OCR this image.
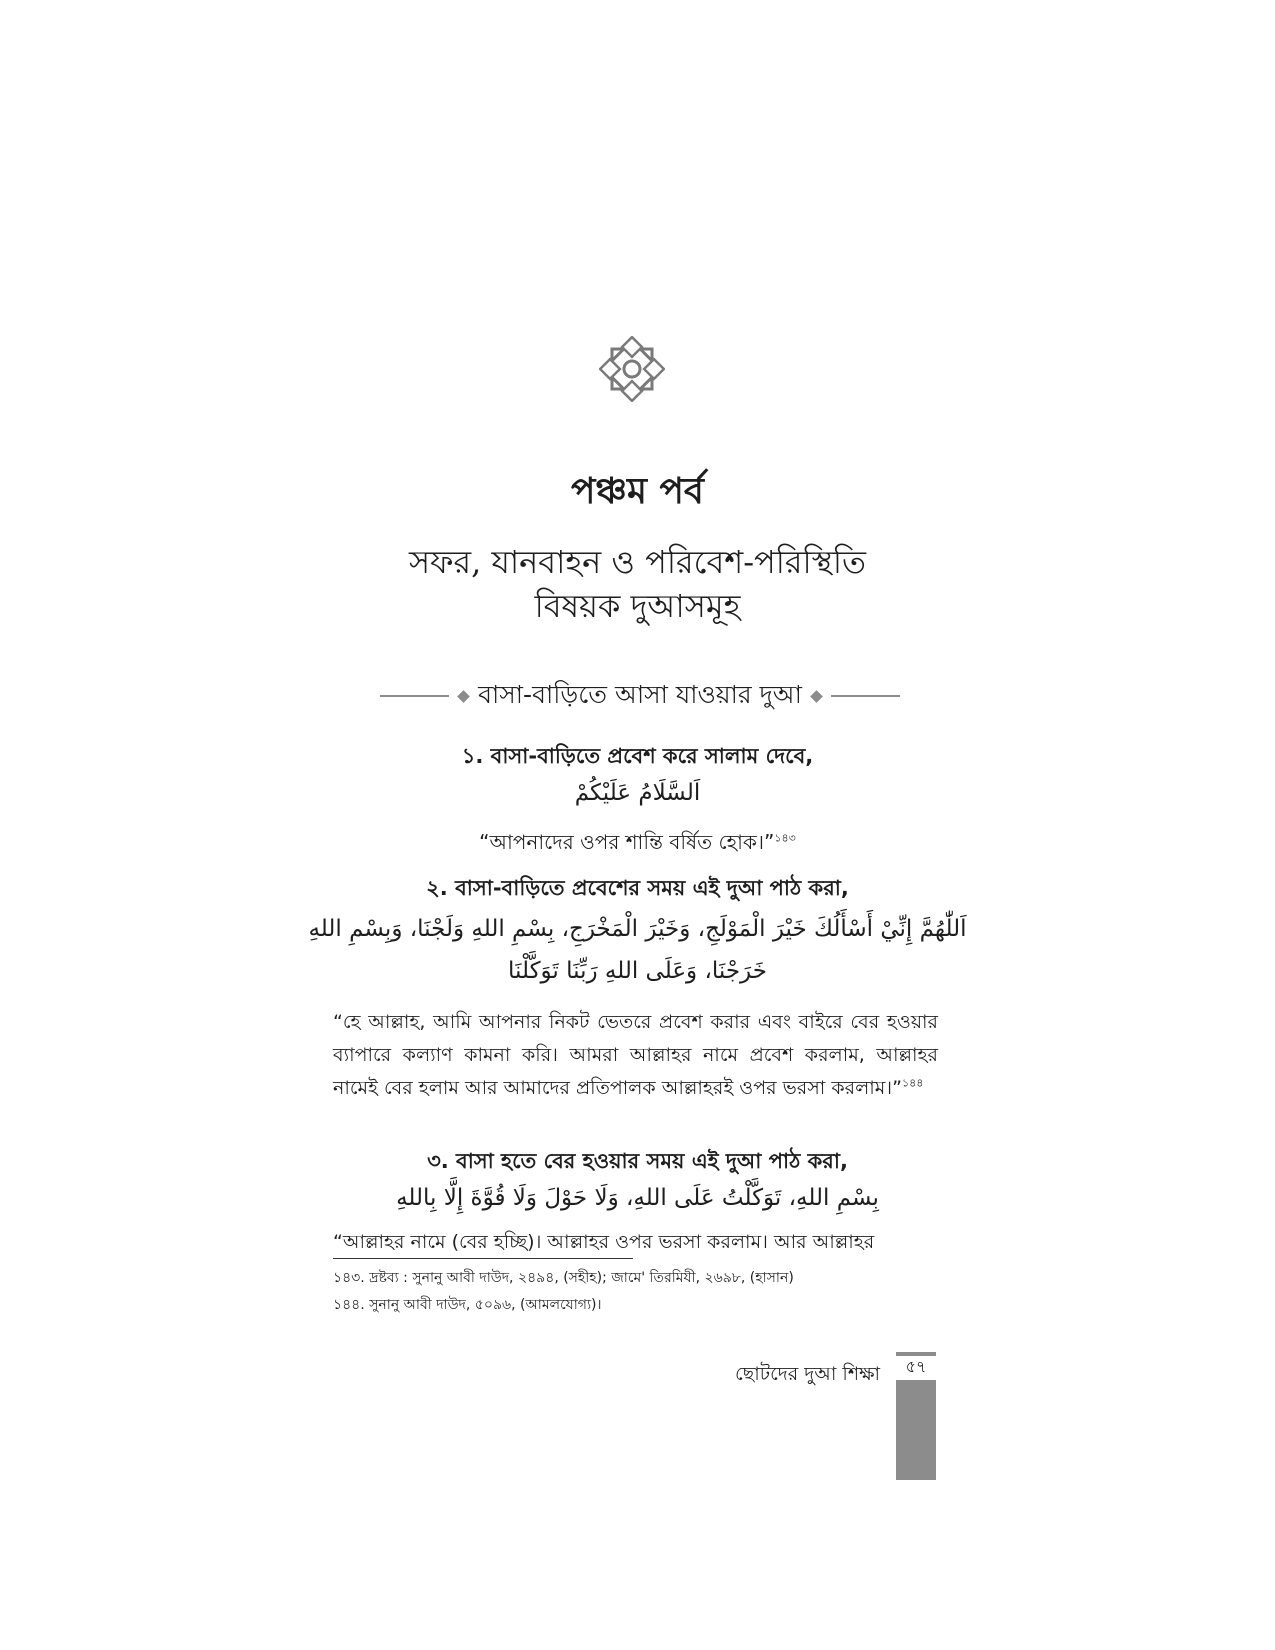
পঞ্চম পর্ব
সফর, যানবাহন ও পরিবেশ-পরিস্থিতি
বিষয়ক দুআসমূহ
বাসা-বাড়িতে আসা যাওয়ার দুআ
১. বাসা-বাড়িতে প্রবেশ করে সালাম দেবে,
اَلسَّلَامُ عَلَيْكُمْ
“আপনাদের ওপর শান্তি বর্ষিত হোক।”$^{১৪৩}$
২. বাসা-বাড়িতে প্রবেশের সময় এই দুআ পাঠ করা,
اَللّٰهُمَّ إِنِّيْ أَسْأَلُكَ خَيْرَ الْمَوْلَجِ، وَخَيْرَ الْمَخْرَجِ، بِسْمِ اللهِ وَلَجْنَا، وَبِسْمِ اللهِ
خَرَجْنَا، وَعَلَى اللهِ رَبِّنَا تَوَكَّلْنَا
“হে আল্লাহ, আমি আপনার নিকট ভেতরে প্রবেশ করার এবং বাইরে বের হওয়ার ব্যাপারে কল্যাণ কামনা করি। আমরা আল্লাহর নামে প্রবেশ করলাম, আল্লাহর নামেই বের হলাম আর আমাদের প্রতিপালক আল্লাহরই ওপর ভরসা করলাম।”$^{১৪৪}$
৩. বাসা হতে বের হওয়ার সময় এই দুআ পাঠ করা,
بِسْمِ اللهِ، تَوَكَّلْتُ عَلَى اللهِ، وَلَا حَوْلَ وَلَا قُوَّةَ إِلَّا بِاللهِ
“আল্লাহর নামে (বের হচ্ছি)। আল্লাহর ওপর ভরসা করলাম। আর আল্লাহর
১৪৩. দ্রষ্টব্য : সুনানু আবী দাউদ, ২৪৯৪, (সহীহ); জামে' তিরমিযী, ২৬৯৮, (হাসান)
১৪৪. সুনানু আবী দাউদ, ৫০৯৬, (আমলযোগ্য)।
ছোটদের দুআ শিক্ষা	৫৭
